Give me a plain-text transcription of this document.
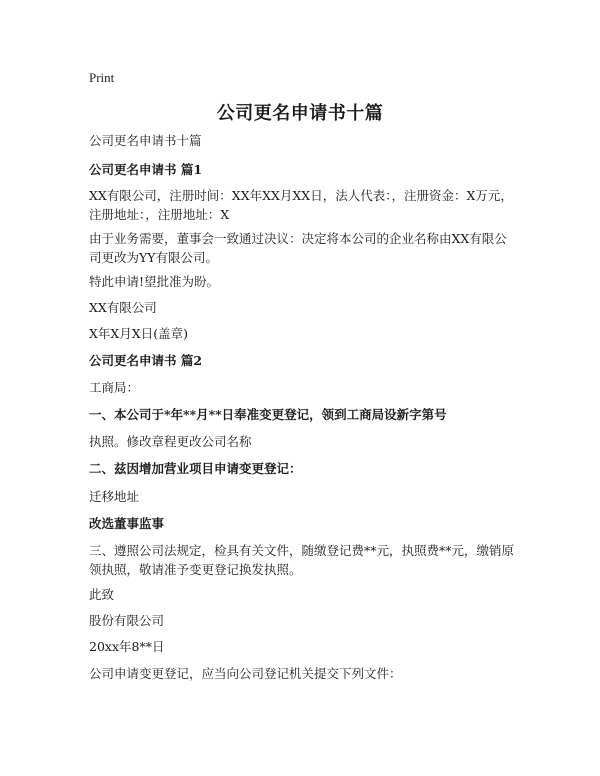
Print
公司更名申请书十篇
公司更名申请书十篇
公司更名申请书 篇1
XX有限公司，注册时间：XX年XX月XX日，法人代表：，注册资金：X万元，注册地址：，注册地址：X
由于业务需要，董事会一致通过决议：决定将本公司的企业名称由XX有限公司更改为YY有限公司。
特此申请!望批准为盼。
XX有限公司
X年X月X日(盖章)
公司更名申请书 篇2
工商局：
一、本公司于*年**月**日奉准变更登记，领到工商局设新字第号
执照。修改章程更改公司名称
二、兹因增加营业项目申请变更登记：
迁移地址
改选董事监事
三、遵照公司法规定，检具有关文件，随缴登记费**元，执照费**元，缴销原领执照，敬请准予变更登记换发执照。
此致
股份有限公司
20xx年8**日
公司申请变更登记，应当向公司登记机关提交下列文件：
